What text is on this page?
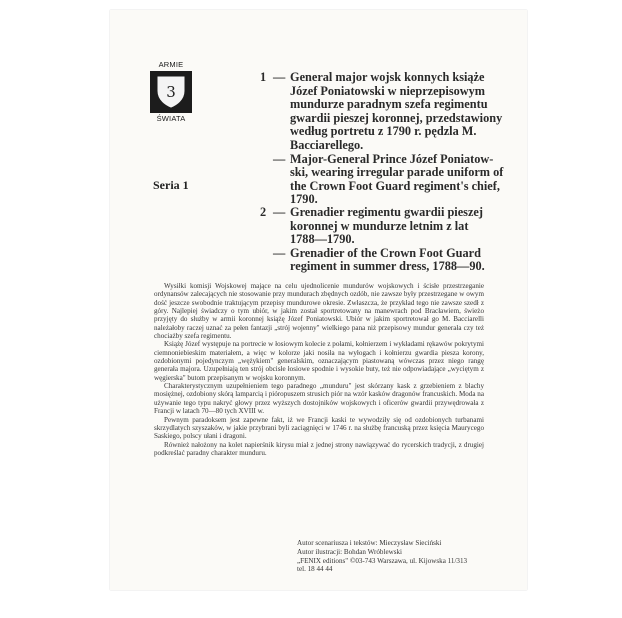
ARMIE
3
ŚWIATA
Seria 1
1 — General major wojsk konnych książe
Józef Poniatowski w nieprzepisowym
mundurze paradnym szefa regimentu
gwardii pieszej koronnej, przedstawiony
według portretu z 1790 r. pędzla M.
Bacciarellego.
— Major-General Prince Józef Poniatow-
ski, wearing irregular parade uniform of
the Crown Foot Guard regiment's chief,
1790.
2 — Grenadier regimentu gwardii pieszej
koronnej w mundurze letnim z lat
1788—1790.
— Grenadier of the Crown Foot Guard
regiment in summer dress, 1788—90.

Wysiłki komisji Wojskowej mające na celu ujednolicenie mundurów wojskowych i ścisłe przestrzeganie ordynansów zalecających nie stosowanie przy mundurach zbędnych ozdób, nie zawsze były przestrzegane w owym dość jeszcze swobodnie traktującym przepisy mundurowe okresie. Zwłaszcza, że przykład tego nie zawsze szedł z góry. Najlepiej świadczy o tym ubiór, w jakim został sportretowany na manewrach pod Bracławiem, świeżo przyjęty do służby w armii koronnej książę Józef Poniatowski. Ubiór w jakim sportretował go M. Bacciarelli należałoby raczej uznać za pełen fantazji „strój wojenny" wielkiego pana niż przepisowy mundur generała czy też chociażby szefa regimentu.

Książę Józef występuje na portrecie w łosiowym kolecie z połami, kołnierzem i wykładami rękawów pokrytymi ciemnoniebieskim materiałem, a więc w kolorze jaki nosiła na wyłogach i kołnierzu gwardia piesza korony, ozdobionymi pojedynczym „wężykiem" generalskim, oznaczającym piastowaną wówczas przez niego rangę generała majora. Uzupełniają ten strój obcisłe łosiowe spodnie i wysokie buty, też nie odpowiadające „wyciętym z węgierska" butom przepisanym w wojsku koronnym.

Charakterystycznym uzupełnieniem tego paradnego „munduru" jest skórzany kask z grzebieniem z blachy mosiężnej, ozdobiony skórą lamparcią i pióropuszem strusich piór na wzór kasków dragonów francuskich. Moda na używanie tego typu nakryć głowy przez wyższych dostojników wojskowych i oficerów gwardii przywędrowała z Francji w latach 70—80 tych XVIII w.

Pewnym paradoksem jest zapewne fakt, iż we Francji kaski te wywodziły się od ozdobionych turbanami skrzydlatych szyszaków, w jakie przybrani byli zaciągnięci w 1746 r. na służbę francuską przez księcia Maurycego Saskiego, polscy ułani i dragoni.

Również nałożony na kolet napierśnik kirysu miał z jednej strony nawiązywać do rycerskich tradycji, z drugiej podkreślać paradny charakter munduru.

Autor scenariusza i tekstów: Mieczysław Sieciński
Autor ilustracji: Bohdan Wróblewski
„FENIX editions" ©03-743 Warszawa, ul. Kijowska 11/313
tel. 18 44 44
